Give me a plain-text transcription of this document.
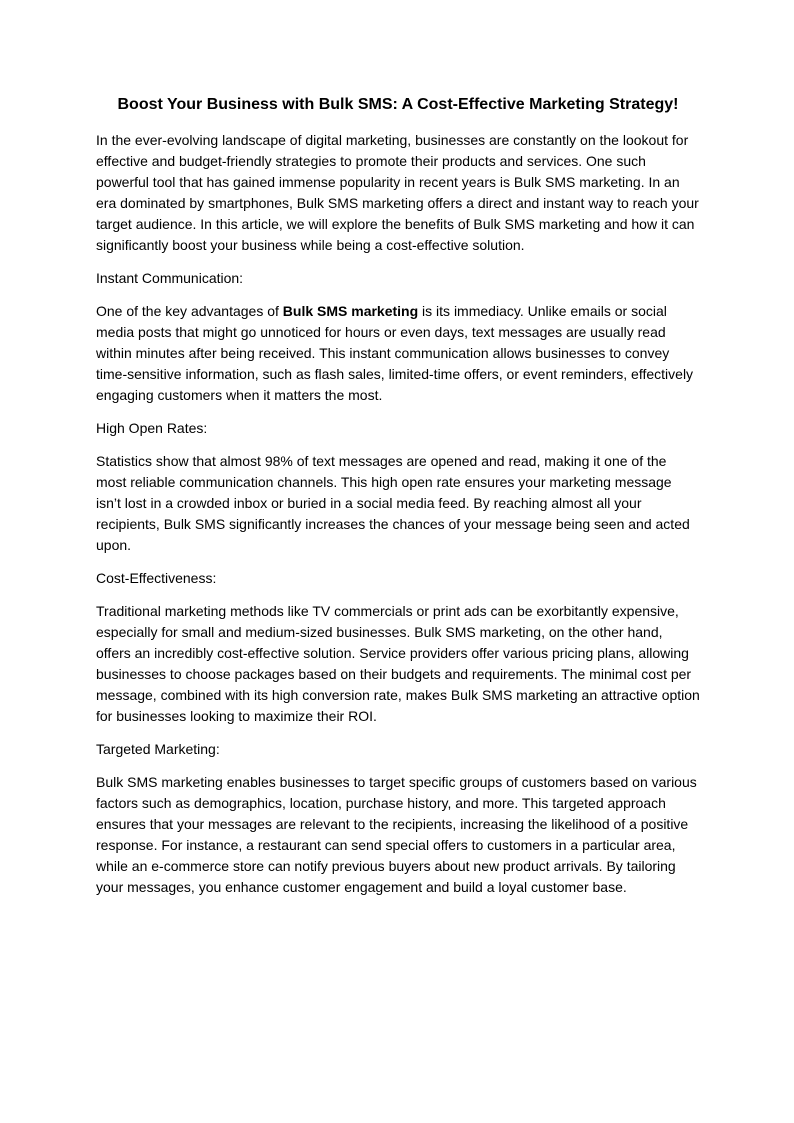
Boost Your Business with Bulk SMS: A Cost-Effective Marketing Strategy!

In the ever-evolving landscape of digital marketing, businesses are constantly on the lookout for effective and budget-friendly strategies to promote their products and services. One such powerful tool that has gained immense popularity in recent years is Bulk SMS marketing. In an era dominated by smartphones, Bulk SMS marketing offers a direct and instant way to reach your target audience. In this article, we will explore the benefits of Bulk SMS marketing and how it can significantly boost your business while being a cost-effective solution.

Instant Communication:

One of the key advantages of Bulk SMS marketing is its immediacy. Unlike emails or social media posts that might go unnoticed for hours or even days, text messages are usually read within minutes after being received. This instant communication allows businesses to convey time-sensitive information, such as flash sales, limited-time offers, or event reminders, effectively engaging customers when it matters the most.

High Open Rates:

Statistics show that almost 98% of text messages are opened and read, making it one of the most reliable communication channels. This high open rate ensures your marketing message isn’t lost in a crowded inbox or buried in a social media feed. By reaching almost all your recipients, Bulk SMS significantly increases the chances of your message being seen and acted upon.

Cost-Effectiveness:

Traditional marketing methods like TV commercials or print ads can be exorbitantly expensive, especially for small and medium-sized businesses. Bulk SMS marketing, on the other hand, offers an incredibly cost-effective solution. Service providers offer various pricing plans, allowing businesses to choose packages based on their budgets and requirements. The minimal cost per message, combined with its high conversion rate, makes Bulk SMS marketing an attractive option for businesses looking to maximize their ROI.

Targeted Marketing:

Bulk SMS marketing enables businesses to target specific groups of customers based on various factors such as demographics, location, purchase history, and more. This targeted approach ensures that your messages are relevant to the recipients, increasing the likelihood of a positive response. For instance, a restaurant can send special offers to customers in a particular area, while an e-commerce store can notify previous buyers about new product arrivals. By tailoring your messages, you enhance customer engagement and build a loyal customer base.
